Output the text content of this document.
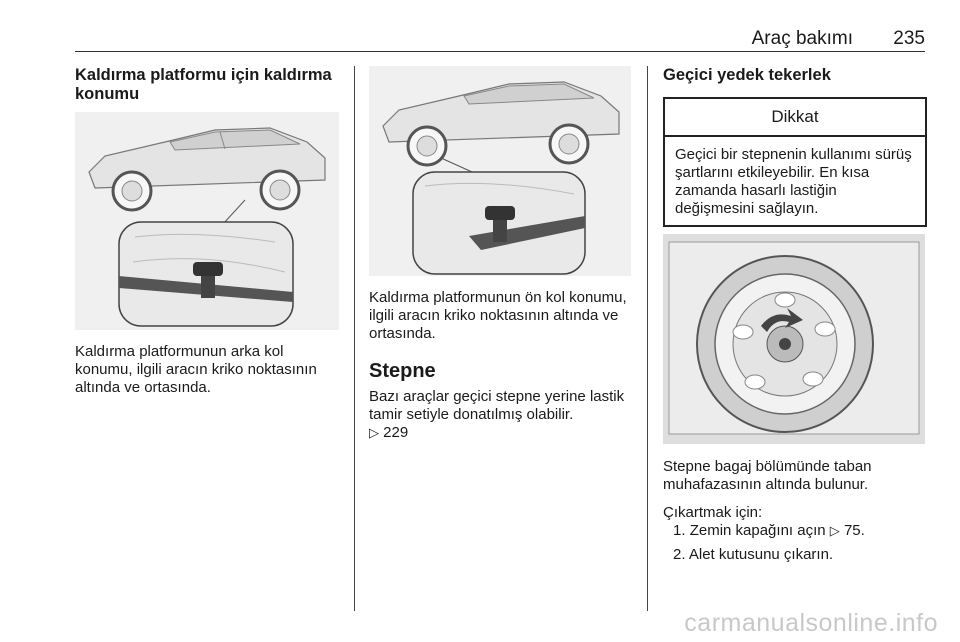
Araç bakımı 235

Kaldırma platformu için kaldırma konumu

Kaldırma platformunun arka kol konumu, ilgili aracın kriko noktasının altında ve ortasında.

Kaldırma platformunun ön kol konumu, ilgili aracın kriko noktasının altında ve ortasında.

Stepne

Bazı araçlar geçici stepne yerine lastik tamir setiyle donatılmış olabilir.
▷ 229

Geçici yedek tekerlek

Dikkat
Geçici bir stepnenin kullanımı sürüş şartlarını etkileyebilir. En kısa zamanda hasarlı lastiğin değişmesini sağlayın.

Stepne bagaj bölümünde taban muhafazasının altında bulunur.

Çıkartmak için:

1. Zemin kapağını açın ▷ 75.
2. Alet kutusunu çıkarın.
carmanualsonline.info
